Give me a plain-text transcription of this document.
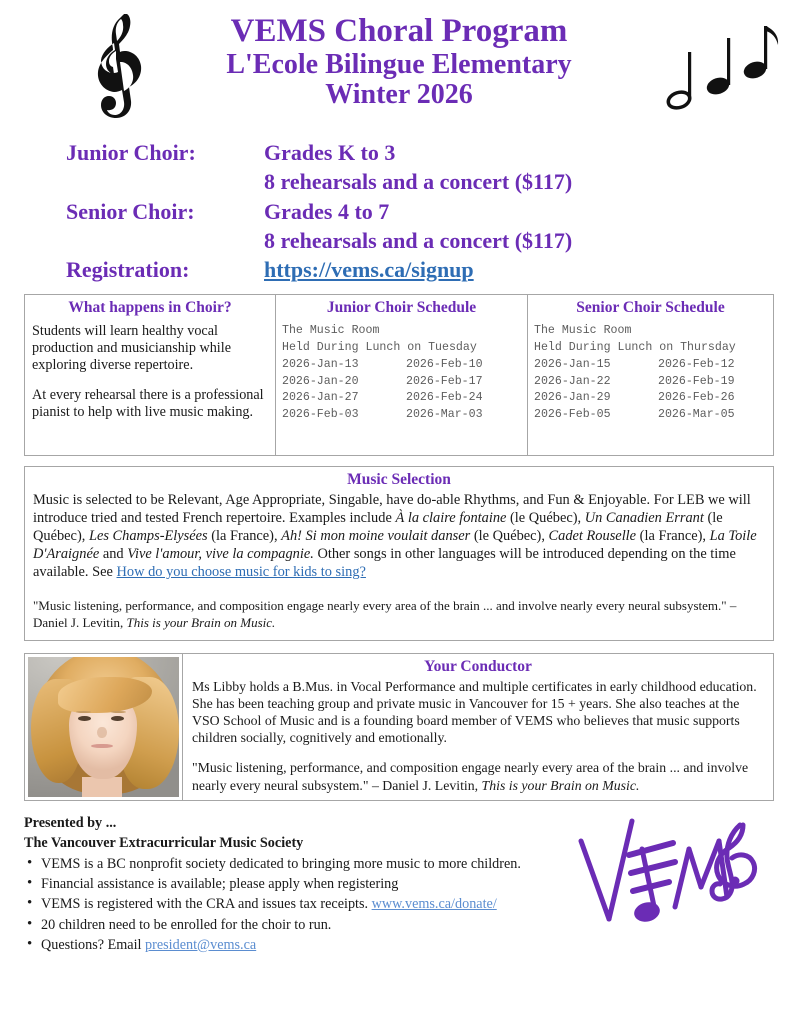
VEMS Choral Program
L'Ecole Bilingue Elementary
Winter 2026
Junior Choir:	Grades K to 3
8 rehearsals and a concert ($117)
Senior Choir:	Grades 4 to 7
8 rehearsals and a concert ($117)
Registration:	https://vems.ca/signup
What happens in Choir?

Students will learn healthy vocal production and musicianship while exploring diverse repertoire.

At every rehearsal there is a professional pianist to help with live music making.

Junior Choir Schedule
The Music Room
Held During Lunch on Tuesday
2026-Jan-13	2026-Feb-10
2026-Jan-20	2026-Feb-17
2026-Jan-27	2026-Feb-24
2026-Feb-03	2026-Mar-03
Senior Choir Schedule
The Music Room
Held During Lunch on Thursday
2026-Jan-15	2026-Feb-12
2026-Jan-22	2026-Feb-19
2026-Jan-29	2026-Feb-26
2026-Feb-05	2026-Mar-05
Music Selection
Music is selected to be Relevant, Age Appropriate, Singable, have do-able Rhythms, and Fun & Enjoyable. For LEB we will introduce tried and tested French repertoire. Examples include À la claire fontaine (le Québec), Un Canadien Errant (le Québec), Les Champs-Elysées (la France), Ah! Si mon moine voulait danser (le Québec), Cadet Rouselle (la France), La Toile D'Araignée and Vive l'amour, vive la compagnie. Other songs in other languages will be introduced depending on the time available. See How do you choose music for kids to sing?
"Music listening, performance, and composition engage nearly every area of the brain ... and involve nearly every neural subsystem." – Daniel J. Levitin, This is your Brain on Music.
Your Conductor

Ms Libby holds a B.Mus. in Vocal Performance and multiple certificates in early childhood education. She has been teaching group and private music in Vancouver for 15 + years. She also teaches at the VSO School of Music and is a founding board member of VEMS who believes that music supports children socially, cognitively and emotionally.

"Music listening, performance, and composition engage nearly every area of the brain ... and involve nearly every neural subsystem." – Daniel J. Levitin, This is your Brain on Music.

Presented by ...
The Vancouver Extracurricular Music Society
• VEMS is a BC nonprofit society dedicated to bringing more music to more children.
• Financial assistance is available; please apply when registering
• VEMS is registered with the CRA and issues tax receipts. www.vems.ca/donate/
• 20 children need to be enrolled for the choir to run.
• Questions? Email president@vems.ca
